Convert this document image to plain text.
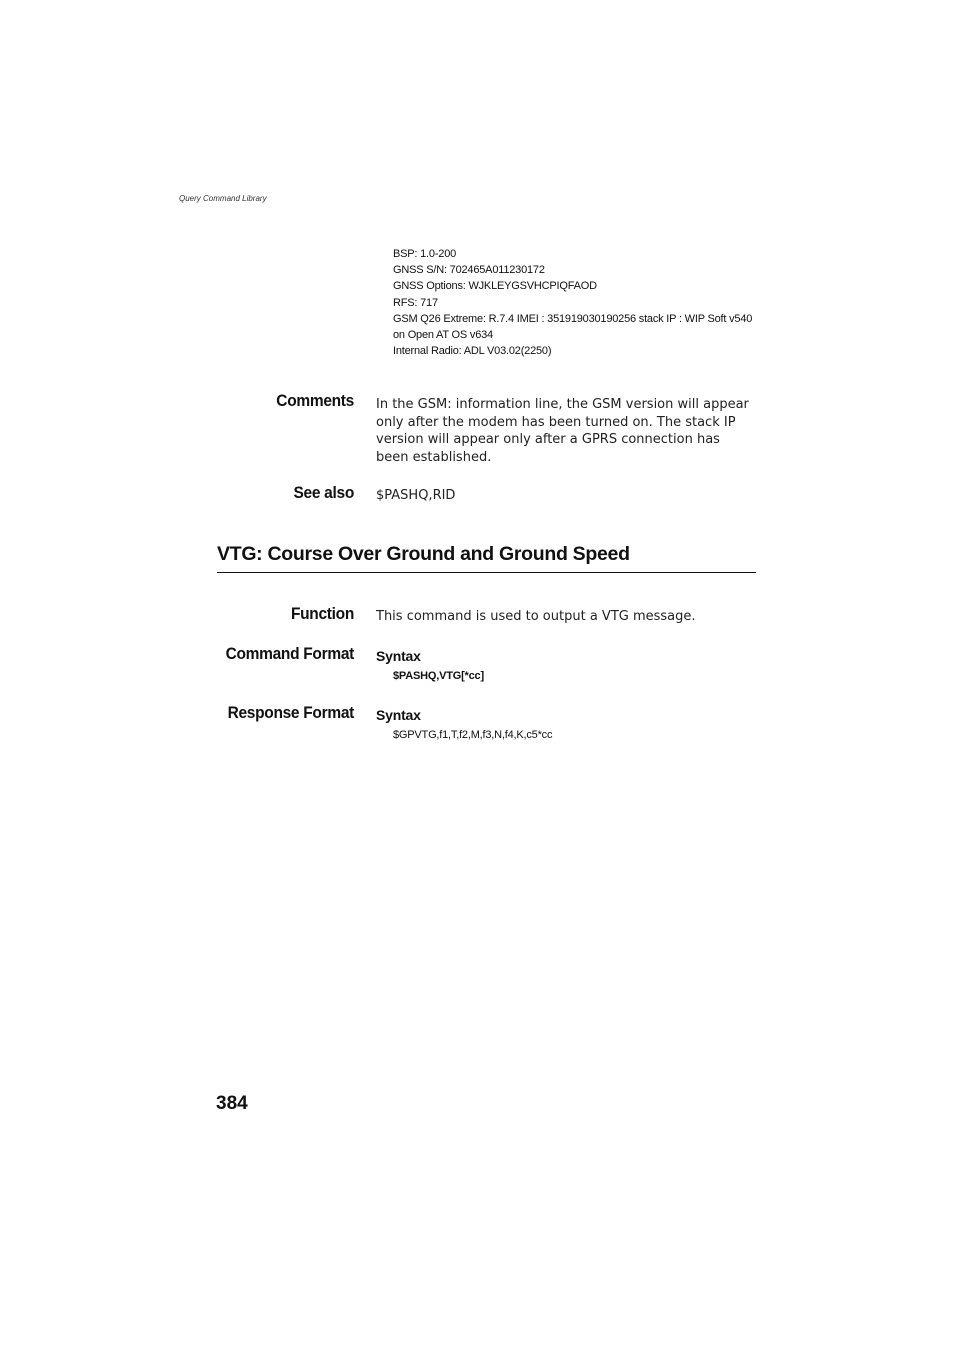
Query Command Library
BSP: 1.0-200
GNSS S/N: 702465A011230172
GNSS Options: WJKLEYGSVHCPIQFAOD
RFS: 717
GSM Q26 Extreme: R.7.4 IMEI : 351919030190256 stack IP : WIP Soft v540
on Open AT OS v634
Internal Radio: ADL V03.02(2250)
Comments In the GSM: information line, the GSM version will appear only after the modem has been turned on. The stack IP version will appear only after a GPRS connection has been established.
See also $PASHQ,RID
VTG: Course Over Ground and Ground Speed
Function This command is used to output a VTG message.
Command Format Syntax
$PASHQ,VTG[*cc]
Response Format Syntax
$GPVTG,f1,T,f2,M,f3,N,f4,K,c5*cc
384
